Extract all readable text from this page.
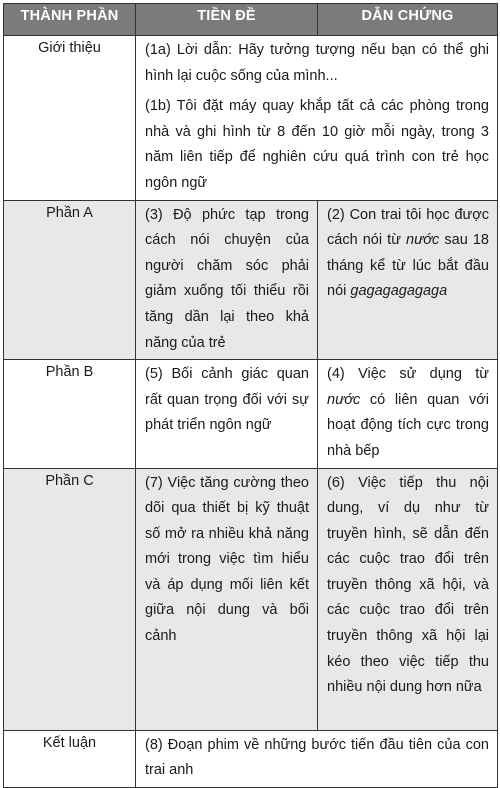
THÀNH PHẦN	TIỀN ĐỀ	DẪN CHỨNG
Giới thiệu	(1a) Lời dẫn: Hãy tưởng tượng nếu bạn có thể ghi hình lại cuộc sống của mình...

(1b) Tôi đặt máy quay khắp tất cả các phòng trong nhà và ghi hình từ 8 đến 10 giờ mỗi ngày, trong 3 năm liên tiếp để nghiên cứu quá trình con trẻ học ngôn ngữ	

Phần A	(3) Độ phức tạp trong cách nói chuyện của người chăm sóc phải giảm xuống tối thiểu rồi tăng dần lại theo khả năng của trẻ	(2) Con trai tôi học được cách nói từ nước sau 18 tháng kể từ lúc bắt đầu nói gagagagagaga
Phần B	(5) Bối cảnh giác quan rất quan trọng đối với sự phát triển ngôn ngữ	(4) Việc sử dụng từ nước có liên quan với hoạt động tích cực trong nhà bếp
Phần C	(7) Việc tăng cường theo dõi qua thiết bị kỹ thuật số mở ra nhiều khả năng mới trong việc tìm hiểu và áp dụng mối liên kết giữa nội dung và bối cảnh	(6) Việc tiếp thu nội dung, ví dụ như từ truyền hình, sẽ dẫn đến các cuộc trao đổi trên truyền thông xã hội, và các cuộc trao đổi trên truyền thông xã hội lại kéo theo việc tiếp thu nhiều nội dung hơn nữa
Kết luận	(8) Đoạn phim về những bước tiến đầu tiên của con trai anh	
